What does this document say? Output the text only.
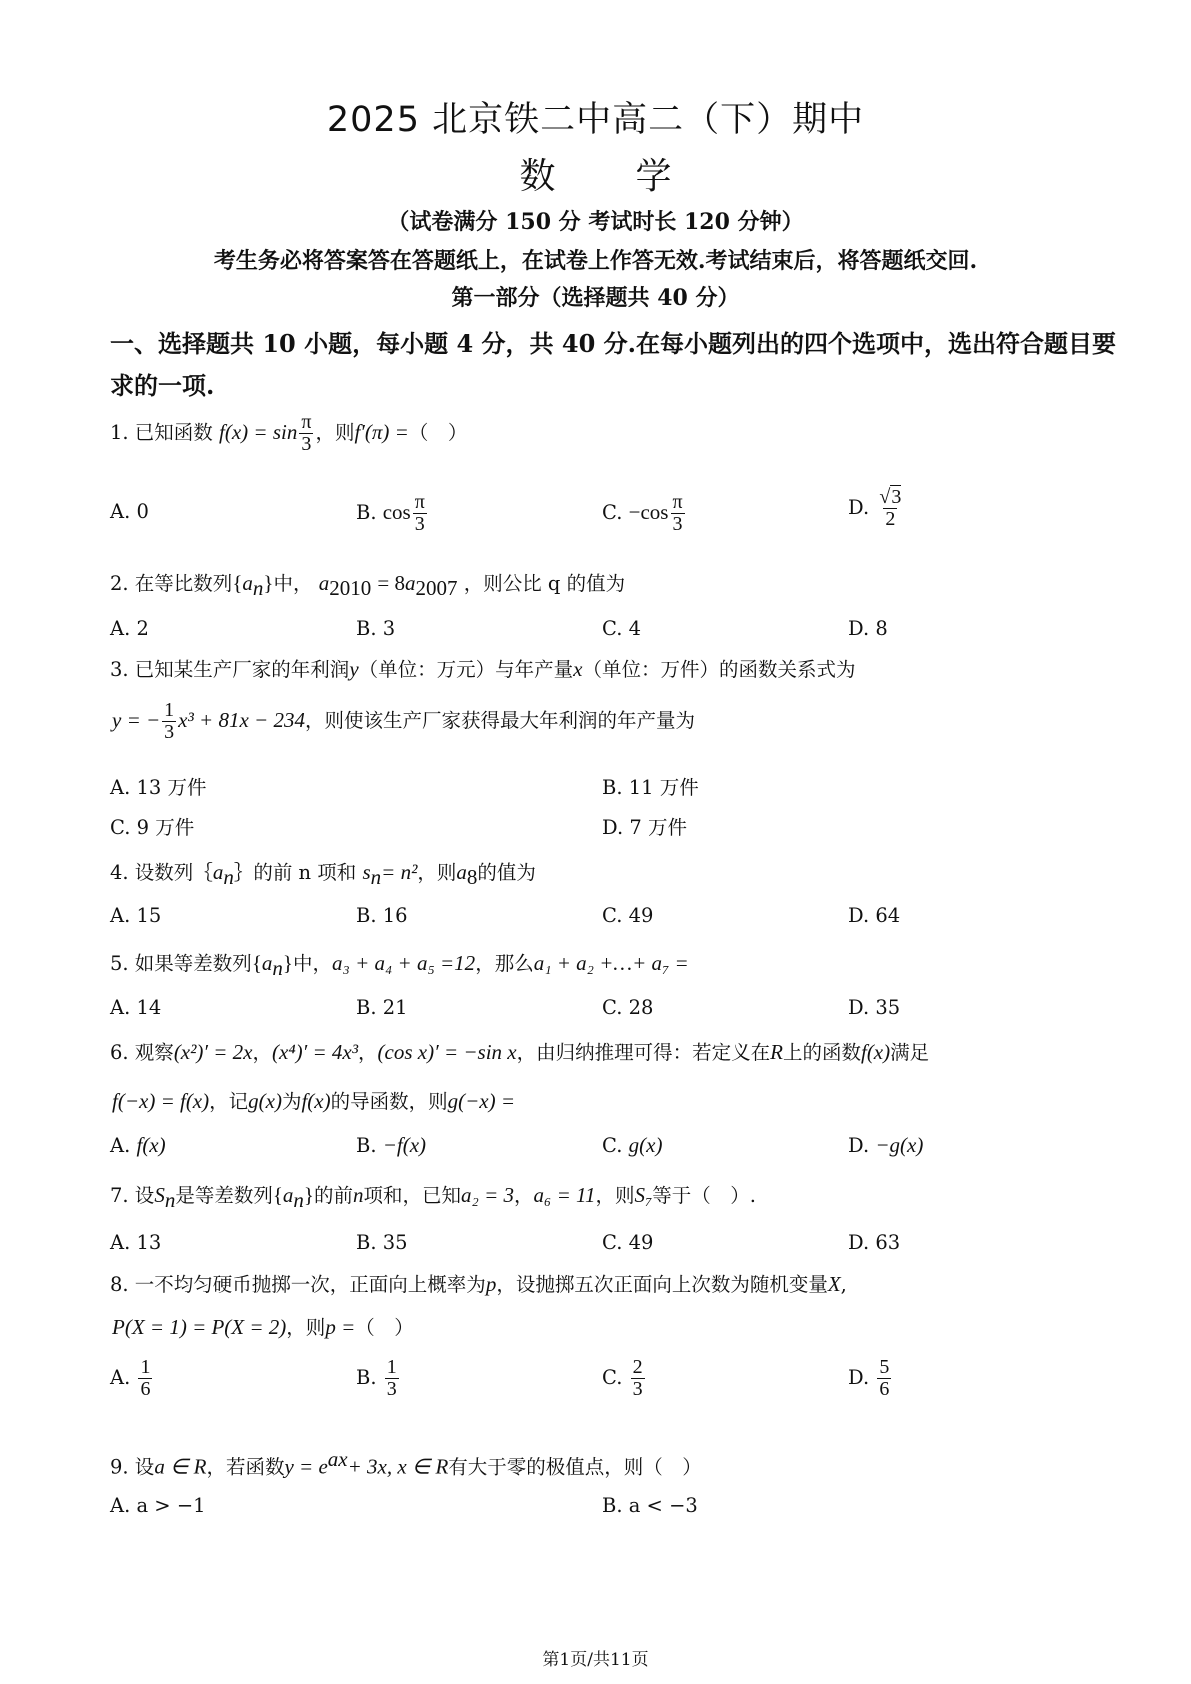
2025 北京铁二中高二（下）期中
数 学
（试卷满分 150 分 考试时长 120 分钟）
考生务必将答案答在答题纸上，在试卷上作答无效.考试结束后，将答题纸交回.
第一部分（选择题共 40 分）
一、选择题共 10 小题，每小题 4 分，共 40 分.在每小题列出的四个选项中，选出符合题目要
求的一项.
1. 已知函数 $f(x) = \sin \frac{\pi}{3}$ ，则f′(π) =（　）
A. 0	B. $\cos \frac{\pi}{3}$	C. $-\cos \frac{\pi}{3}$	D. $\frac{√3}{2}$
2. 在等比数列$\{a_n\}$中， $a_{2010} = 8a_{2007}$ ，则公比 q 的值为
A. 2	B. 3	C. 4	D. 8
3. 已知某生产厂家的年利润y（单位：万元）与年产量x（单位：万件）的函数关系式为
y = − $\frac{1}{3} x^3 + 81x - 234$，则使该生产厂家获得最大年利润的年产量为
A. 13 万件	B. 11 万件
C. 9 万件	D. 7 万件
4. 设数列$\{a_n\}$的前 n 项和 $s_n= n^2$，则$a_8$的值为
A. 15	B. 16	C. 49	D. 64
5. 如果等差数列$\{a_n\}$中，a₃ + a₄ + a₅ =12，那么a₁ + a₂ +…+ a₇ =
A. 14	B. 21	C. 28	D. 35
6. 观察(x²)′ = 2x，(x⁴)′ = 4x³，(cos x)′ = −sin x，由归纳推理可得：若定义在R上的函数f(x)满足
f(−x) = f(x)，记g(x)为f(x)的导函数，则g(−x) =
A. f(x)	B. −f(x)	C. g(x)	D. −g(x)
7. 设$S_n$是等差数列$\{a_n\}$的前n项和，已知a₂ = 3，a₆ = 11，则S₇等于（　）.
A. 13	B. 35	C. 49	D. 63
8. 一不均匀硬币抛掷一次，正面向上概率为p，设抛掷五次正面向上次数为随机变量X,
P(X = 1) = P(X = 2)，则p =（　）
A. $\frac{1}{6}$	B. $\frac{1}{3}$	C. $\frac{2}{3}$	D. $\frac{5}{6}$
9. 设a ∈ R，若函数$y = e^{ax}+ 3x$, x ∈ R有大于零的极值点，则（　）
A. a > −1	B. a < −3
第1页/共11页
